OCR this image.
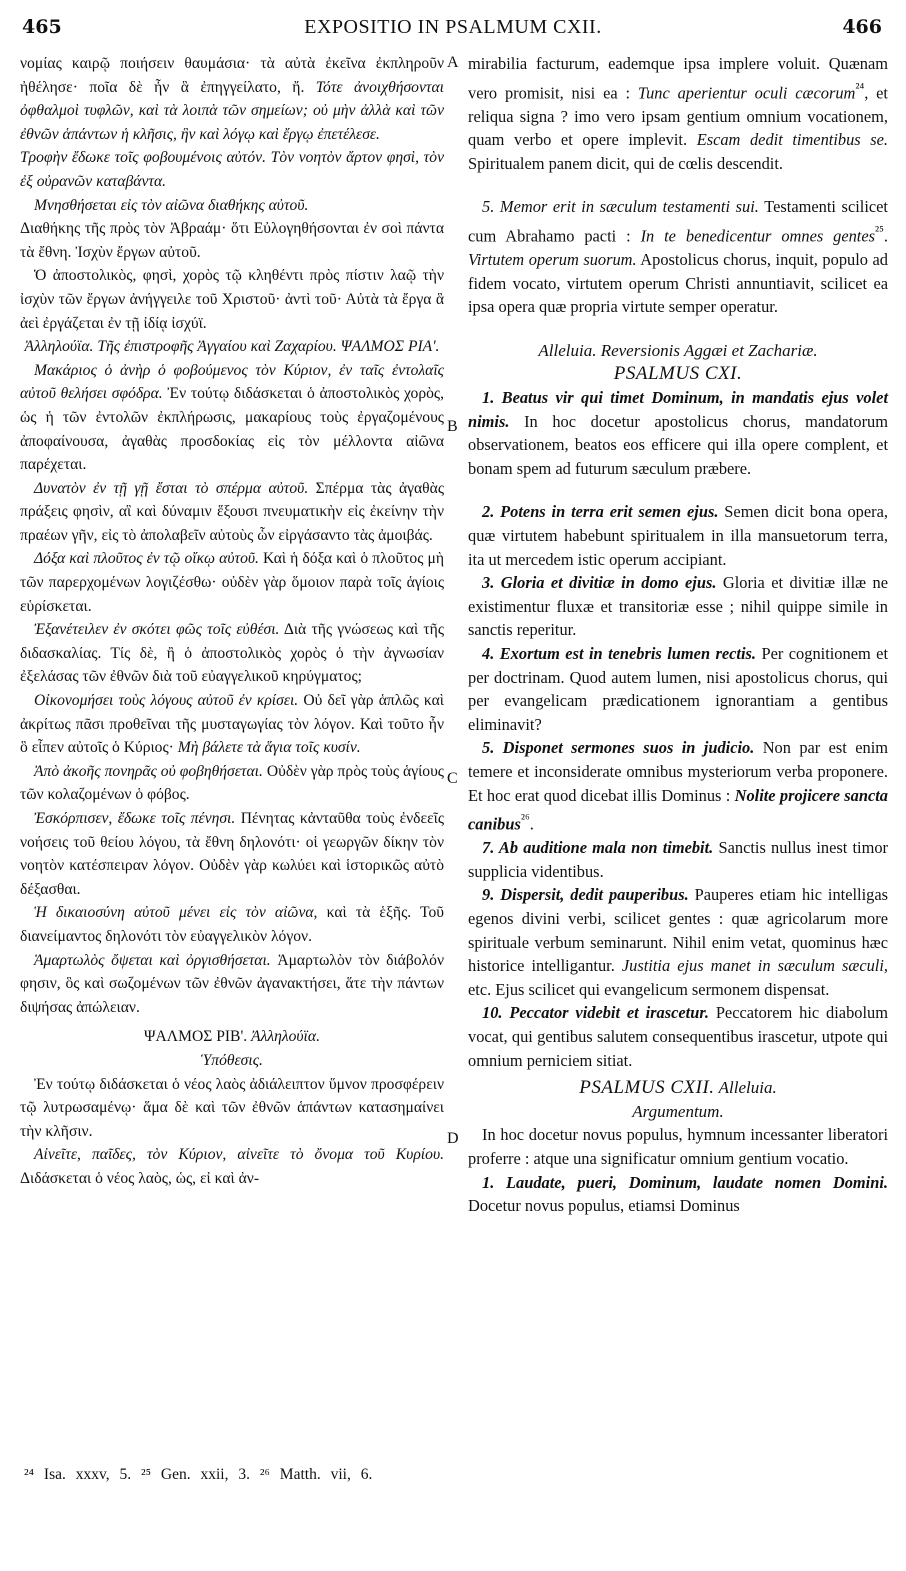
465	EXPOSITIO IN PSALMUM CXII.	466
A
B
C
D

νομίας καιρῷ ποιήσειν θαυμάσια· τὰ αὐτὰ ἐκεῖνα ἐκπληροῦν ἠθέλησε· ποῖα δὲ ἦν ἃ ἐπηγγείλατο, ἤ. Τότε ἀνοιχθήσονται ὀφθαλμοὶ τυφλῶν, καὶ τὰ λοιπὰ τῶν σημείων; οὐ μὴν ἀλλὰ καὶ τῶν ἐθνῶν ἁπάντων ἡ κλῆσις, ἣν καὶ λόγῳ καὶ ἔργῳ ἐπετέλεσε.

Τροφὴν ἔδωκε τοῖς φοβουμένοις αὐτόν. Τὸν νοητὸν ἄρτον φησὶ, τὸν ἐξ οὐρανῶν καταβάντα.

Μνησθήσεται εἰς τὸν αἰῶνα διαθήκης αὐτοῦ.

Διαθήκης τῆς πρὸς τὸν Ἀβραάμ· ὅτι Εὐλογηθήσονται ἐν σοὶ πάντα τὰ ἔθνη. Ἰσχὺν ἔργων αὐτοῦ.

Ὁ ἀποστολικὸς, φησὶ, χορὸς τῷ κληθέντι πρὸς πίστιν λαῷ τὴν ἰσχὺν τῶν ἔργων ἀνήγγειλε τοῦ Χριστοῦ· ἀντὶ τοῦ· Αὐτὰ τὰ ἔργα ἃ ἀεὶ ἐργάζεται ἐν τῇ ἰδίᾳ ἰσχύϊ.

Ἀλληλούϊα. Τῆς ἐπιστροφῆς Ἀγγαίου καὶ Ζαχαρίου. ΨΑΛΜΟΣ ΡΙΑ'.

Μακάριος ὁ ἀνὴρ ὁ φοβούμενος τὸν Κύριον, ἐν ταῖς ἐντολαῖς αὐτοῦ θελήσει σφόδρα. Ἐν τούτῳ διδάσκεται ὁ ἀποστολικὸς χορὸς, ὡς ἡ τῶν ἐντολῶν ἐκπλήρωσις, μακαρίους τοὺς ἐργαζομένους ἀποφαίνουσα, ἀγαθὰς προσδοκίας εἰς τὸν μέλλοντα αἰῶνα παρέχεται.

Δυνατὸν ἐν τῇ γῇ ἔσται τὸ σπέρμα αὐτοῦ. Σπέρμα τὰς ἀγαθὰς πράξεις φησὶν, αἳ καὶ δύναμιν ἕξουσι πνευματικὴν εἰς ἐκείνην τὴν πραέων γῆν, εἰς τὸ ἀπολαβεῖν αὐτοὺς ὧν εἰργάσαντο τὰς ἀμοιβάς.

Δόξα καὶ πλοῦτος ἐν τῷ οἴκῳ αὐτοῦ. Καὶ ἡ δόξα καὶ ὁ πλοῦτος μὴ τῶν παρερχομένων λογιζέσθω· οὐδὲν γὰρ ὅμοιον παρὰ τοῖς ἁγίοις εὑρίσκεται.

Ἐξανέτειλεν ἐν σκότει φῶς τοῖς εὐθέσι. Διὰ τῆς γνώσεως καὶ τῆς διδασκαλίας. Τίς δὲ, ἢ ὁ ἀποστολικὸς χορὸς ὁ τὴν ἀγνωσίαν ἐξελάσας τῶν ἐθνῶν διὰ τοῦ εὐαγγελικοῦ κηρύγματος;

Οἰκονομήσει τοὺς λόγους αὐτοῦ ἐν κρίσει. Οὐ δεῖ γὰρ ἁπλῶς καὶ ἀκρίτως πᾶσι προθεῖναι τῆς μυσταγωγίας τὸν λόγον. Καὶ τοῦτο ἦν ὃ εἶπεν αὐτοῖς ὁ Κύριος· Μὴ βάλετε τὰ ἅγια τοῖς κυσίν.

Ἀπὸ ἀκοῆς πονηρᾶς οὐ φοβηθήσεται. Οὐδὲν γὰρ πρὸς τοὺς ἁγίους τῶν κολαζομένων ὁ φόβος.

Ἐσκόρπισεν, ἔδωκε τοῖς πένησι. Πένητας κἀνταῦθα τοὺς ἐνδεεῖς νοήσεις τοῦ θείου λόγου, τὰ ἔθνη δηλονότι· οἱ γεωργῶν δίκην τὸν νοητὸν κατέσπειραν λόγον. Οὐδὲν γὰρ κωλύει καὶ ἱστορικῶς αὐτὸ δέξασθαι.

Ἡ δικαιοσύνη αὐτοῦ μένει εἰς τὸν αἰῶνα, καὶ τὰ ἑξῆς. Τοῦ διανείμαντος δηλονότι τὸν εὐαγγελικὸν λόγον.

Ἁμαρτωλὸς ὄψεται καὶ ὀργισθήσεται. Ἁμαρτωλὸν τὸν διάβολόν φησιν, ὃς καὶ σωζομένων τῶν ἐθνῶν ἀγανακτήσει, ἅτε τὴν πάντων διψήσας ἀπώλειαν.

ΨΑΛΜΟΣ ΡΙΒ'. Ἀλληλούϊα.

Ὑπόθεσις.

Ἐν τούτῳ διδάσκεται ὁ νέος λαὸς ἀδιάλειπτον ὕμνον προσφέρειν τῷ λυτρωσαμένῳ· ἅμα δὲ καὶ τῶν ἐθνῶν ἁπάντων κατασημαίνει τὴν κλῆσιν.

Αἰνεῖτε, παῖδες, τὸν Κύριον, αἰνεῖτε τὸ ὄνομα τοῦ Κυρίου. Διδάσκεται ὁ νέος λαὸς, ὡς, εἰ καὶ ἀν-

mirabilia facturum, eademque ipsa implere voluit. Quænam vero promisit, nisi ea : Tunc aperientur oculi cæcorum$^{^{24}}$, et reliqua signa ? imo vero ipsam gentium omnium vocationem, quam verbo et opere implevit. Escam dedit timentibus se. Spiritualem panem dicit, qui de cœlis descendit.

5. Memor erit in sæculum testamenti sui. Testamenti scilicet cum Abrahamo pacti : In te benedicentur omnes gentes$^{^{25}}$. Virtutem operum suorum. Apostolicus chorus, inquit, populo ad fidem vocato, virtutem operum Christi annuntiavit, scilicet ea ipsa opera quæ propria virtute semper operatur.

Alleluia. Reversionis Aggæi et Zachariæ.

PSALMUS CXI.

1. Beatus vir qui timet Dominum, in mandatis ejus volet nimis. In hoc docetur apostolicus chorus, mandatorum observationem, beatos eos efficere qui illa opere complent, et bonam spem ad futurum sæculum præbere.

2. Potens in terra erit semen ejus. Semen dicit bona opera, quæ virtutem habebunt spiritualem in illa mansuetorum terra, ita ut mercedem istic operum accipiant.

3. Gloria et divitiæ in domo ejus. Gloria et divitiæ illæ ne existimentur fluxæ et transitoriæ esse ; nihil quippe simile in sanctis reperitur.

4. Exortum est in tenebris lumen rectis. Per cognitionem et per doctrinam. Quod autem lumen, nisi apostolicus chorus, qui per evangelicam prædicationem ignorantiam a gentibus eliminavit?

5. Disponet sermones suos in judicio. Non par est enim temere et inconsiderate omnibus mysteriorum verba proponere. Et hoc erat quod dicebat illis Dominus : Nolite projicere sancta canibus$^{^{26}}$.

7. Ab auditione mala non timebit. Sanctis nullus inest timor supplicia videntibus.

9. Dispersit, dedit pauperibus. Pauperes etiam hic intelligas egenos divini verbi, scilicet gentes : quæ agricolarum more spirituale verbum seminarunt. Nihil enim vetat, quominus hæc historice intelligantur. Justitia ejus manet in sæculum sæculi, etc. Ejus scilicet qui evangelicum sermonem dispensat.

10. Peccator videbit et irascetur. Peccatorem hic diabolum vocat, qui gentibus salutem consequentibus irascetur, utpote qui omnium perniciem sitiat.

PSALMUS CXII. Alleluia.

Argumentum.

In hoc docetur novus populus, hymnum incessanter liberatori proferre : atque una significatur omnium gentium vocatio.

1. Laudate, pueri, Dominum, laudate nomen Domini. Docetur novus populus, etiamsi Dominus

²⁴ Isa. xxxv, 5. ²⁵ Gen. xxii, 3. ²⁶ Matth. vii, 6.
